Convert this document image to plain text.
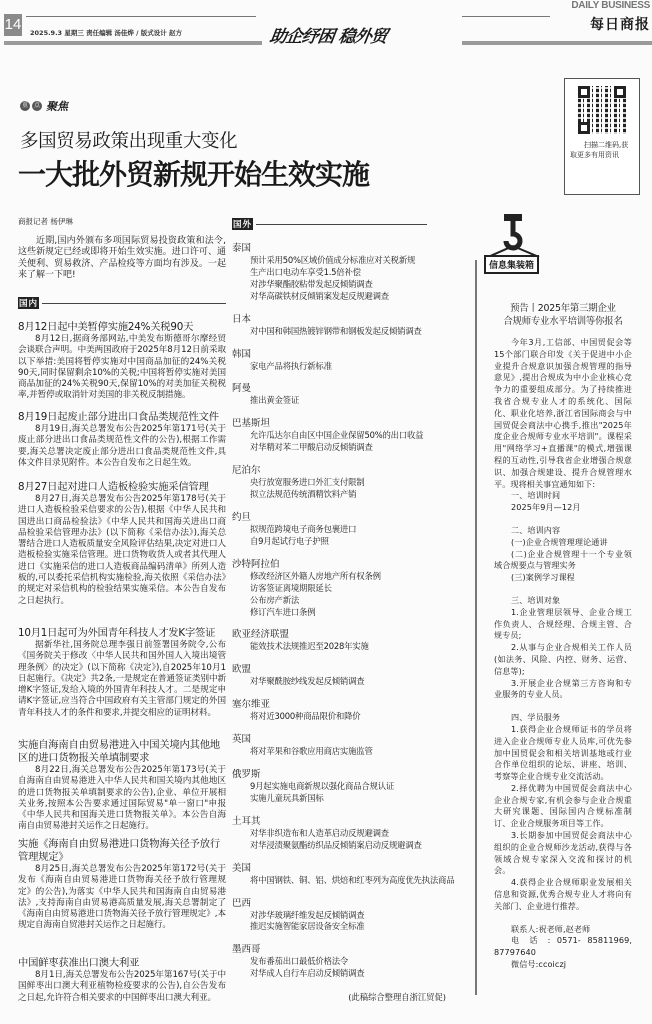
14 2025.9.3 星期三 责任编辑 汤佳烨 / 版式设计 赵方	助企纾困 稳外贸
DAILY BUSINESS
每日商报
重 点 聚焦
多国贸易政策出现重大变化
一大批外贸新规开始生效实施
扫描二维码,获取更多有用资讯
商报记者 杨伊琳
近期,国内外颁布多项国际贸易投资政策和法令,这些新规定已经或即将开始生效实施。进口许可、通关便利、贸易救济、产品检疫等方面均有涉及。一起来了解一下吧!
国内
8月12日起中美暂停实施24%关税90天

8月12日,据商务部网站,中美发布斯德哥尔摩经贸会谈联合声明。中美两国政府于2025年8月12日前采取以下举措:美国将暂停实施对中国商品加征的24%关税90天,同时保留剩余10%的关税;中国将暂停实施对美国商品加征的24%关税90天,保留10%的对美加征关税税率,并暂停或取消针对美国的非关税反制措施。

8月19日起废止部分进出口食品类规范性文件

8月19日,海关总署发布公告2025年第171号(关于废止部分进出口食品类规范性文件的公告),根据工作需要,海关总署决定废止部分进出口食品类规范性文件,具体文件目录见附件。本公告自发布之日起生效。

8月27日起对进口人造板检验实施采信管理

8月27日,海关总署发布公告2025年第178号(关于进口人造板检验采信要求的公告),根据《中华人民共和国进出口商品检验法》《中华人民共和国海关进出口商品检验采信管理办法》(以下简称《采信办法》),海关总署结合进口人造板质量安全风险评估结果,决定对进口人造板检验实施采信管理。进口货物收货人或者其代理人进口《实施采信的进口人造板商品编码清单》所列人造板的,可以委托采信机构实施检验,海关依照《采信办法》的规定对采信机构的检验结果实施采信。本公告自发布之日起执行。

10月1日起可为外国青年科技人才发K字签证

据新华社,国务院总理李强日前签署国务院令,公布《国务院关于修改〈中华人民共和国外国人入境出境管理条例〉的决定》(以下简称《决定》),自2025年10月1日起施行。《决定》共2条,一是规定在普通签证类别中新增K字签证,发给入境的外国青年科技人才。二是规定申请K字签证,应当符合中国政府有关主管部门规定的外国青年科技人才的条件和要求,并提交相应的证明材料。

实施自海南自由贸易港进入中国关境内其他地区的进口货物报关单填制要求

8月22日,海关总署发布公告2025年第173号(关于自海南自由贸易港进入中华人民共和国关境内其他地区的进口货物报关单填制要求的公告),企业、单位开展相关业务,按照本公告要求通过国际贸易"单一窗口"申报《中华人民共和国海关进口货物报关单》。本公告自海南自由贸易港封关运作之日起施行。

实施《海南自由贸易港进口货物海关径予放行管理规定》

8月25日,海关总署发布公告2025年第172号(关于发布《海南自由贸易港进口货物海关径予放行管理规定》的公告),为落实《中华人民共和国海南自由贸易港法》,支持海南自由贸易港高质量发展,海关总署制定了《海南自由贸易港进口货物海关径予放行管理规定》,本规定自海南自贸港封关运作之日起施行。

中国鲜枣获准出口澳大利亚

8月1日,海关总署发布公告2025年第167号(关于中国鲜枣出口澳大利亚植物检疫要求的公告),自公告发布之日起,允许符合相关要求的中国鲜枣出口澳大利亚。

国外
泰国
预计采用50%区域价值成分标准应对关税新规
生产出口电动车享受1.5倍补偿
对涉华聚酯胶粘带发起反倾销调查
对华高碳铁材反倾销案发起反规避调查
日本
对中国和韩国热镀锌钢带和钢板发起反倾销调查
韩国
家电产品将执行新标准
阿曼
推出黄金签证
巴基斯坦
允许瓜达尔自由区中国企业保留50%的出口收益
对华精对苯二甲酸启动反倾销调查
尼泊尔
央行放宽服务进口外汇支付限制
拟立法规范传统酒精饮料产销
约旦
拟规范跨境电子商务包裹进口
自9月起试行电子护照
沙特阿拉伯
修改经济区外籍人房地产所有权条例
访客签证离境期限延长
公布房产新法
修订汽车进口条例
欧亚经济联盟
能效技术法规推迟至2028年实施
欧盟
对华聚酰胺纱线发起反倾销调查
塞尔维亚
将对近3000种商品限价和降价
英国
将对苹果和谷歌应用商店实施监管
俄罗斯
9月起实施电商新规以强化商品合规认证
实施儿童玩具新国标
土耳其
对华非织造布和人造革启动反规避调查
对华浸渍聚氨酯纺织品反倾销案启动反规避调查
美国
将中国钢铁、铜、铝、烘焙和红枣列为高度优先执法商品
巴西
对涉华玻璃纤维发起反倾销调查
推迟实施智能家居设备安全标准
墨西哥
发布番茄出口最低价格法令
对华成人自行车启动反倾销调查
(此稿综合整理自浙江贸促)
信息集装箱
预告丨2025年第三期企业
合规师专业水平培训等你报名

今年3月,工信部、中国贸促会等15个部门联合印发《关于促进中小企业提升合规意识加强合规管理的指导意见》,提出合规成为中小企业核心竞争力的重要组成部分。为了持续推进我省合规专业人才的系统化、国际化、职业化培养,浙江省国际商会与中国贸促会商法中心携手,推出"2025年度企业合规师专业水平培训"。课程采用"网络学习+直播课"的模式,增强课程的互动性,引导我省企业增强合规意识、加强合规建设、提升合规管理水平。现将相关事宜通知如下:

一、培训时间

2025年9月—12月

二、培训内容

(一)企业合规管理理论通讲

(二)企业合规管理十一个专业领域合规要点与管理实务

(三)案例学习课程

三、培训对象

1.企业管理层领导、企业合规工作负责人、合规经理、合规主管、合规专员;

2.从事与企业合规相关工作人员(如法务、风险、内控、财务、运营、信息等);

3.开展企业合规第三方咨询和专业服务的专业人员。

四、学员服务

1.获得企业合规师证书的学员将进入企业合规师专业人员库,可优先参加中国贸促会和相关培训基地或行业合作单位组织的论坛、讲座、培训、考察等企业合规专业交流活动。

2.择优聘为中国贸促会商法中心企业合规专家,有机会参与企业合规重大研究课题、国际国内合规标准制订、企业合规服务项目等工作。

3.长期参加中国贸促会商法中心组织的企业合规师沙龙活动,获得与各领域合规专家深入交流和探讨的机会。

4.获得企业合规师职业发展相关信息和资源,优秀合规专业人才将向有关部门、企业进行推荐。

联系人:祝老师,赵老师

电 话 : 0571- 85811969, 87797640

微信号:ccoiczj
